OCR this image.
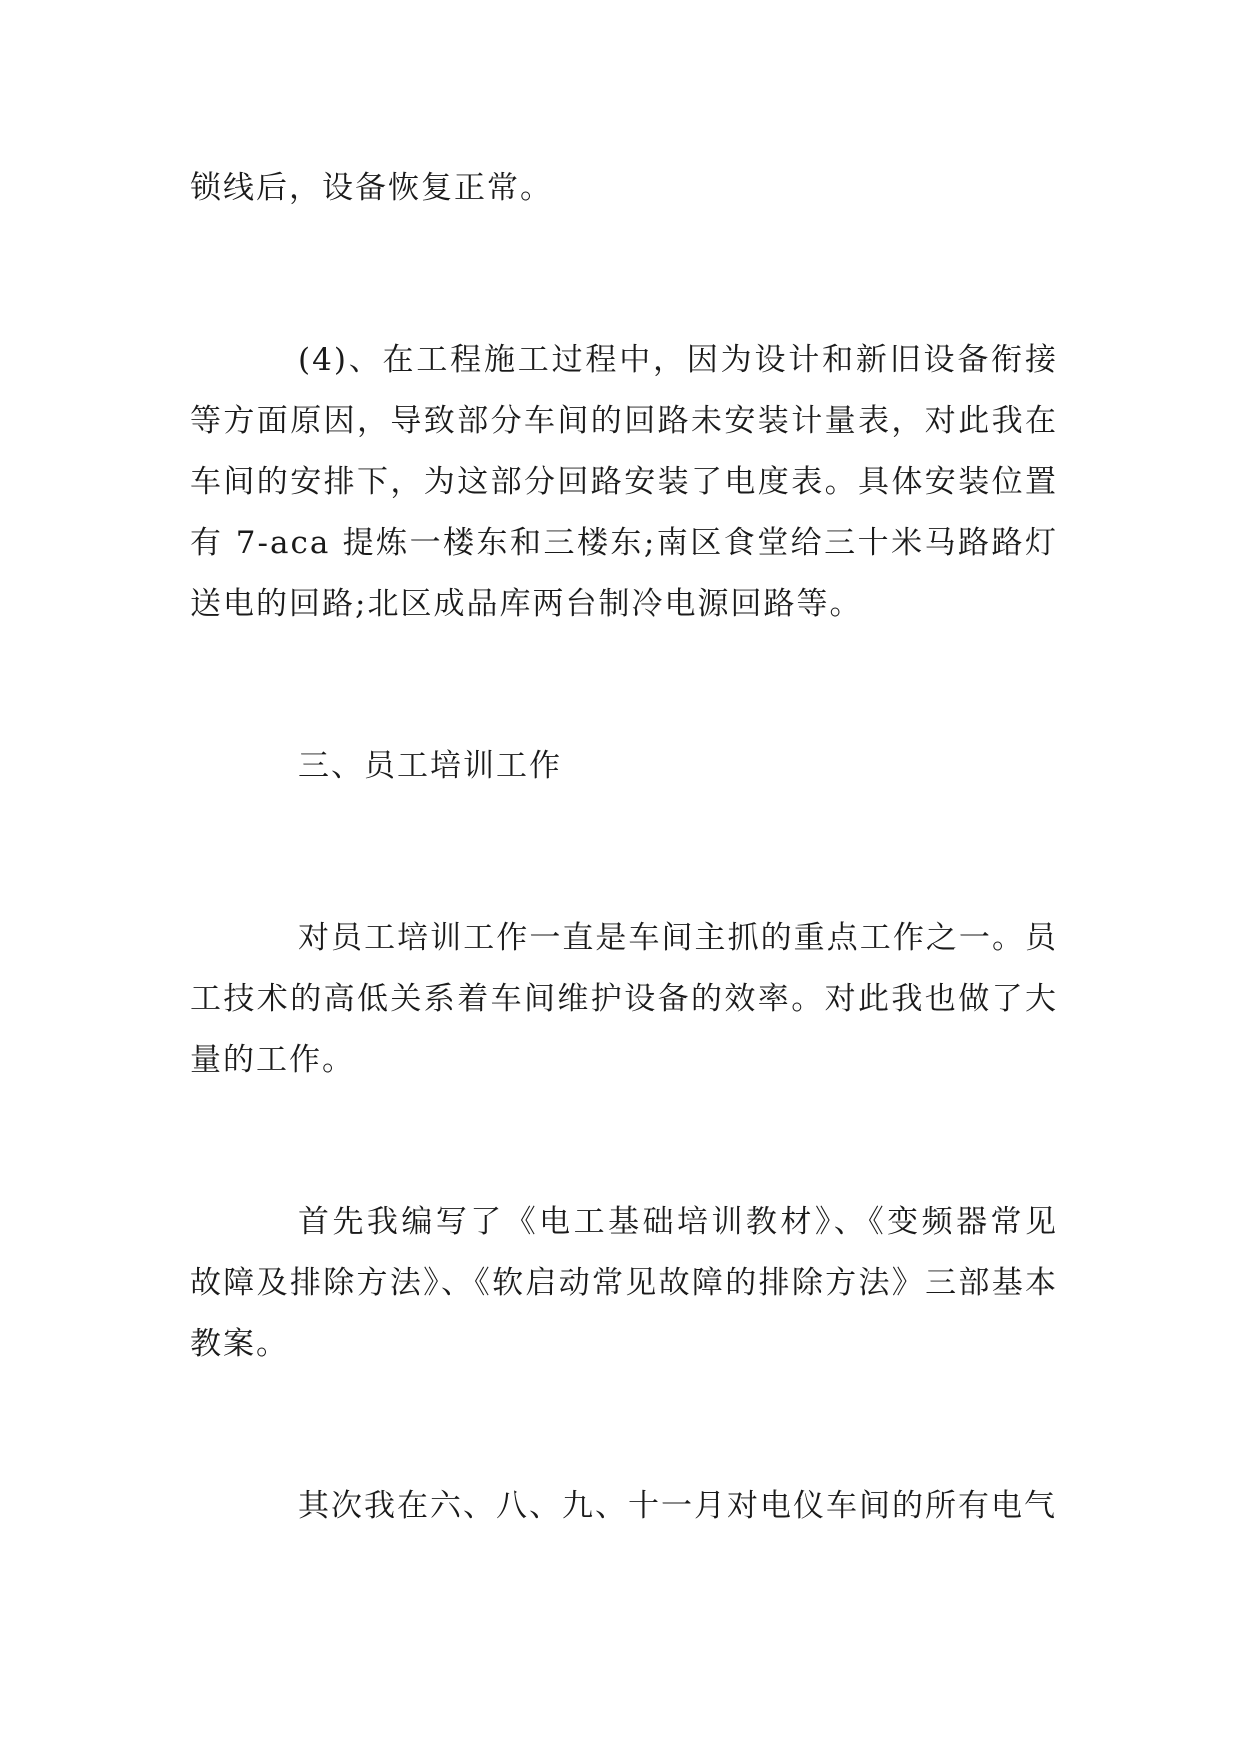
锁线后，设备恢复正常。

(4)、在工程施工过程中，因为设计和新旧设备衔接等方面原因，导致部分车间的回路未安装计量表，对此我在车间的安排下，为这部分回路安装了电度表。具体安装位置有 7-aca 提炼一楼东和三楼东;南区食堂给三十米马路路灯送电的回路;北区成品库两台制冷电源回路等。

三、员工培训工作

对员工培训工作一直是车间主抓的重点工作之一。员工技术的高低关系着车间维护设备的效率。对此我也做了大量的工作。

首先我编写了《电工基础培训教材》、《变频器常见故障及排除方法》、《软启动常见故障的排除方法》三部基本教案。

其次我在六、八、九、十一月对电仪车间的所有电气
